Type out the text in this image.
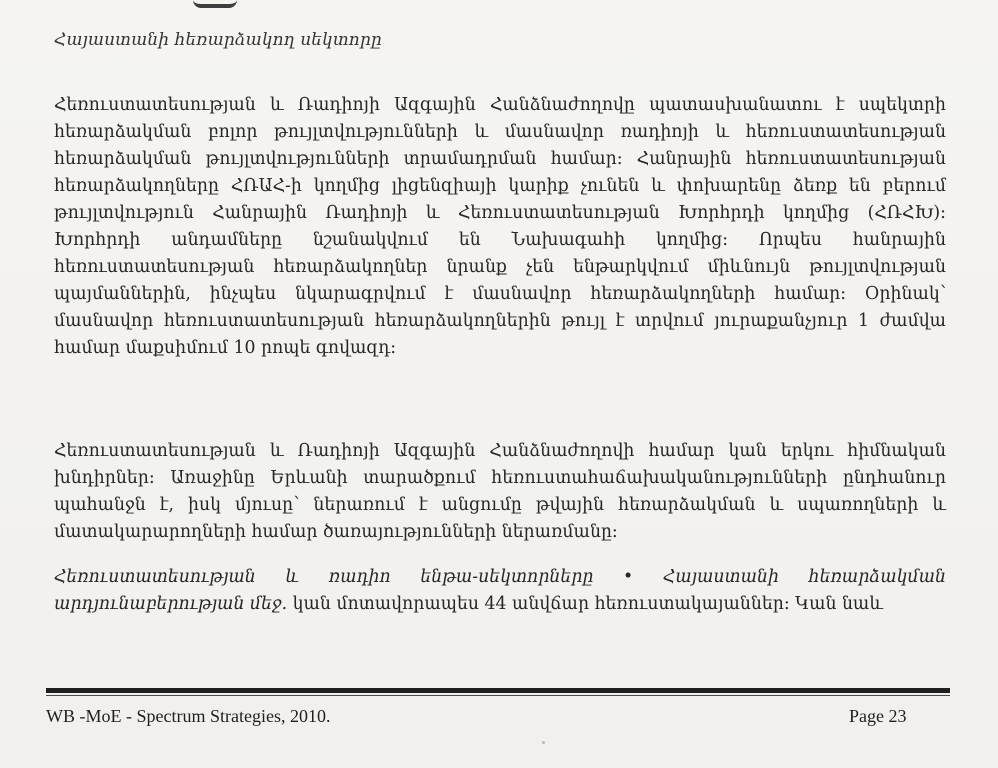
Հայաստանի հեռարձակող սեկտորը
Հեռուստատեսության և Ռադիոյի Ազգային Հանձնաժողովը պատասխանատու է սպեկտրի հեռարձակման բոլոր թույլտվությունների և մասնավոր ռադիոյի և հեռուստատեսության հեռարձակման թույլտվությունների տրամադրման համար: Հանրային հեռուստատեսության հեռարձակողները ՀՌԱՀ-ի կողմից լիցենզիայի կարիք չունեն և փոխարենը ձեռք են բերում թույլտվություն Հանրային Ռադիոյի և Հեռուստատեսության Խորհրդի կողմից (ՀՌՀԽ): Խորհրդի անդամները նշանակվում են Նախագահի կողմից: Որպես հանրային հեռուստատեսության հեռարձակողներ նրանք չեն ենթարկվում միևնույն թույլտվության պայմաններին, ինչպես նկարագրվում է մասնավոր հեռարձակողների համար: Օրինակ՝ մասնավոր հեռուստատեսության հեռարձակողներին թույլ է տրվում յուրաքանչյուր 1 ժամվա համար մաքսիմում 10 րոպե գովազդ:
Հեռուստատեսության և Ռադիոյի Ազգային Հանձնաժողովի համար կան երկու հիմնական խնդիրներ: Առաջինը Երևանի տարածքում հեռուստահաճախականությունների ընդհանուր պահանջն է, իսկ մյուսը՝ ներառում է անցումը թվային հեռարձակման և սպառողների և մատակարարողների համար ծառայությունների ներառմանը:
Հեռուստատեսության և ռադիո ենթա-սեկտորները • Հայաստանի հեռարձակման արդյունաբերության մեջ. կան մոտավորապես 44 անվճար հեռուստակայաններ: Կան նաև
WB -MoE - Spectrum Strategies, 2010.	Page 23
